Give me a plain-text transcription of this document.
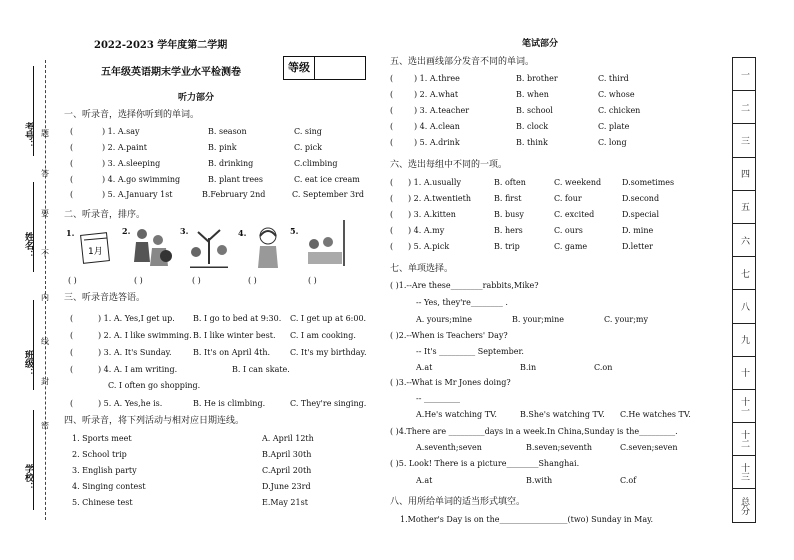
考号：
姓名：
班级：
学校：
题
答
要
不
内
线
封
密
2022-2023 学年度第二学期
五年级英语期末学业水平检测卷	等级
听力部分
笔试部分
一、听录音，选择你听到的单词。
(	) 1. A.say	B. season	C. sing
(	) 2. A.paint	B. pink	C. pick
(	) 3. A.sleeping	B. drinking	C.climbing
(	) 4. A.go swimming	B. plant trees	C. eat ice cream
(	) 5. A.January 1st	B.February 2nd	C. September 3rd
二、听录音，排序。
1.
1月
2.	3.	4.	5.
( )	( )	( )	( )	( )
三、听录音选答语。
(	) 1. A. Yes,I get up. B. I go to bed at 9:30. C. I get up at 6:00.
(	) 2. A. I like swimming. B. I like winter best. C. I am cooking.
(	) 3. A. It's Sunday.	B. It's on April 4th. C. It's my birthday.
(	) 4. A. I am writing.	B. I can skate.
C. I often go shopping.
(	) 5. A. Yes,he is.	B. He is climbing.	C. They're singing.
四、听录音，将下列活动与相对应日期连线。
1. Sports meet	A. April 12th
2. School trip	B.April 30th
3. English party	C.April 20th
4. Singing contest	D.June 23rd
5. Chinese test	E.May 21st
五、选出画线部分发音不同的单词。
(	) 1. A.three	B. brother	C. third
(	) 2. A.what	B. when	C. whose
(	) 3. A.teacher	B. school	C. chicken
(	) 4. A.clean	B. clock	C. plate
(	) 5. A.drink	B. think	C. long
六、选出每组中不同的一项。
( ) 1. A.usually	B. often	C. weekend	D.sometimes
( ) 2. A.twentieth	B. first	C. four	D.second
( ) 3. A.kitten	B. busy	C. excited	D.special
( ) 4. A.my	B. hers	C. ours	D. mine
( ) 5. A.pick	B. trip	C. game	D.letter
七、单项选择。
( )1.--Are these________rabbits,Mike?
-- Yes, they're________ .
A. yours;mine	B. your;mine	C. your;my
( )2.--When is Teachers' Day?
-- It's _________ September.
A.at	B.in	C.on
( )3.--What is Mr Jones doing?
-- _________
A.He's watching TV.	B.She's watching TV. C.He watches TV.
( )4.There are _________days in a week.In China,Sunday is the_________.
A.seventh;seven	B.seven;seventh	C.seven;seven
( )5. Look! There is a picture________Shanghai.
A.at	B.with	C.of
八、用所给单词的适当形式填空。
1.Mother's Day is on the_________________(two) Sunday in May.
一
二
三
四
五
六
七
八
九
十
十一
十二
十三
总分
